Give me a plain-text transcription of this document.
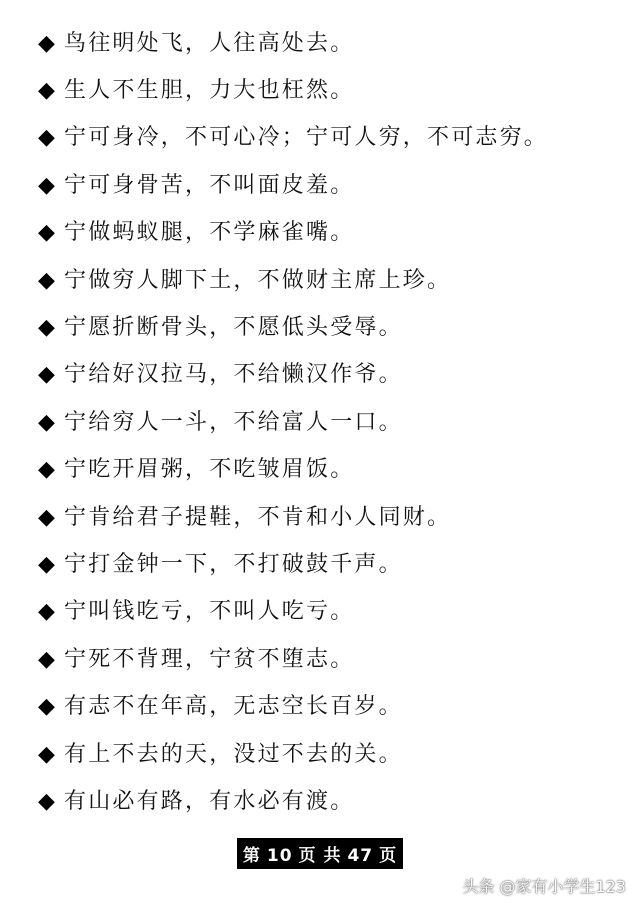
◆ 鸟往明处飞，人往高处去。
◆ 生人不生胆，力大也枉然。
◆ 宁可身冷，不可心冷；宁可人穷，不可志穷。
◆ 宁可身骨苦，不叫面皮羞。
◆ 宁做蚂蚁腿，不学麻雀嘴。
◆ 宁做穷人脚下土，不做财主席上珍。
◆ 宁愿折断骨头，不愿低头受辱。
◆ 宁给好汉拉马，不给懒汉作爷。
◆ 宁给穷人一斗，不给富人一口。
◆ 宁吃开眉粥，不吃皱眉饭。
◆ 宁肯给君子提鞋，不肯和小人同财。
◆ 宁打金钟一下，不打破鼓千声。
◆ 宁叫钱吃亏，不叫人吃亏。
◆ 宁死不背理，宁贫不堕志。
◆ 有志不在年高，无志空长百岁。
◆ 有上不去的天，没过不去的关。
◆ 有山必有路，有水必有渡。
第 10 页 共 47 页
头条 @家有小学生123
